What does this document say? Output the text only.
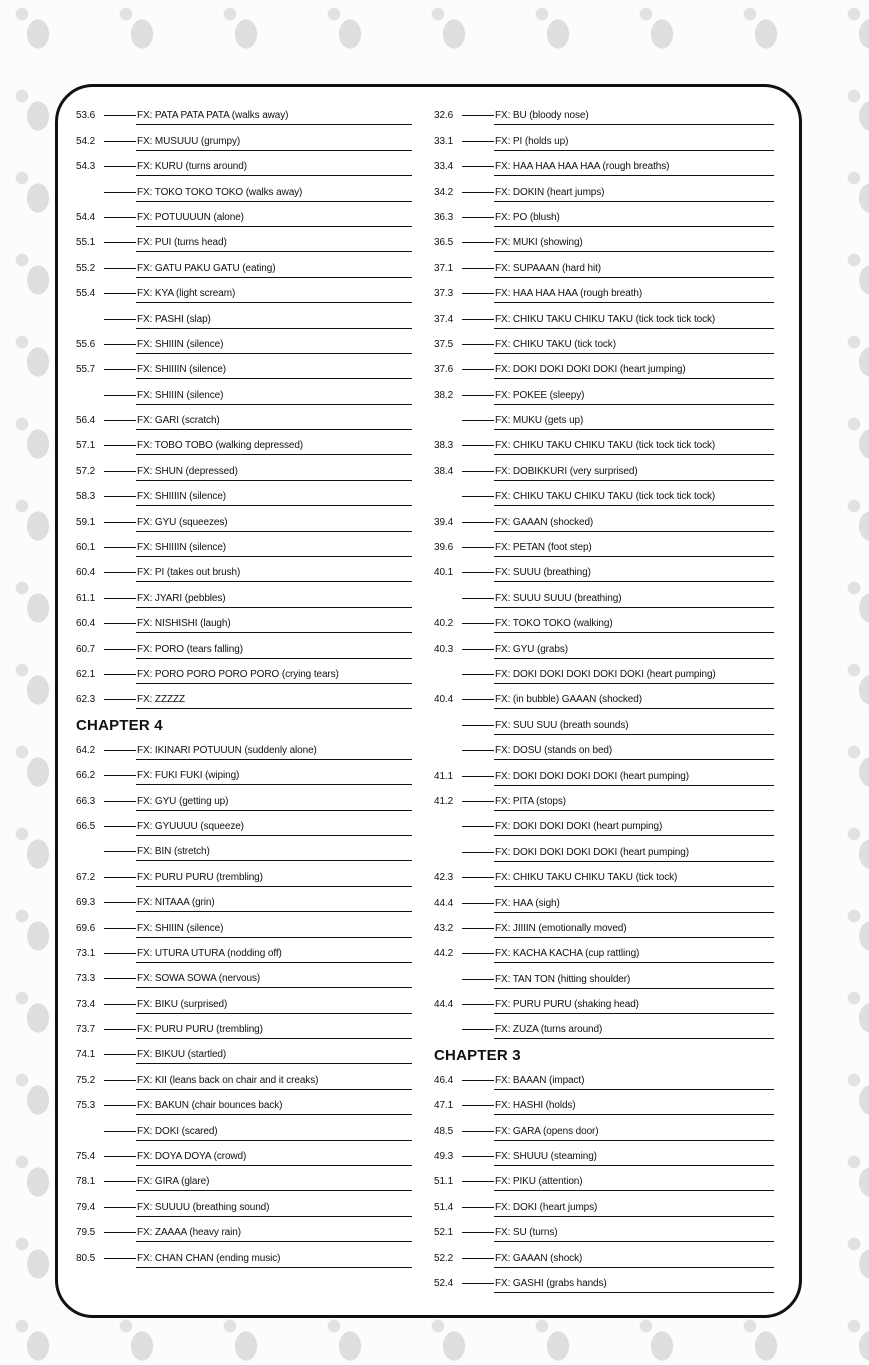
53.6	FX: PATA PATA PATA (walks away)
54.2	FX: MUSUUU (grumpy)
54.3	FX: KURU (turns around)
FX: TOKO TOKO TOKO (walks away)
54.4	FX: POTUUUUN (alone)
55.1	FX: PUI (turns head)
55.2	FX: GATU PAKU GATU (eating)
55.4	FX: KYA (light scream)
FX: PASHI (slap)
55.6	FX: SHIIIN (silence)
55.7	FX: SHIIIIN (silence)
FX: SHIIIN (silence)
56.4	FX: GARI (scratch)
57.1	FX: TOBO TOBO (walking depressed)
57.2	FX: SHUN (depressed)
58.3	FX: SHIIIIN (silence)
59.1	FX: GYU (squeezes)
60.1	FX: SHIIIIN (silence)
60.4	FX: PI (takes out brush)
61.1	FX: JYARI (pebbles)
60.4	FX: NISHISHI (laugh)
60.7	FX: PORO (tears falling)
62.1	FX: PORO PORO PORO PORO (crying tears)
62.3	FX: ZZZZZ
CHAPTER 4
64.2	FX: IKINARI POTUUUN (suddenly alone)
66.2	FX: FUKI FUKI (wiping)
66.3	FX: GYU (getting up)
66.5	FX: GYUUUU (squeeze)
FX: BIN (stretch)
67.2	FX: PURU PURU (trembling)
69.3	FX: NITAAA (grin)
69.6	FX: SHIIIN (silence)
73.1	FX: UTURA UTURA (nodding off)
73.3	FX: SOWA SOWA (nervous)
73.4	FX: BIKU (surprised)
73.7	FX: PURU PURU (trembling)
74.1	FX: BIKUU (startled)
75.2	FX: KII (leans back on chair and it creaks)
75.3	FX: BAKUN (chair bounces back)
FX: DOKI (scared)
75.4	FX: DOYA DOYA (crowd)
78.1	FX: GIRA (glare)
79.4	FX: SUUUU (breathing sound)
79.5	FX: ZAAAA (heavy rain)
80.5	FX: CHAN CHAN (ending music)
32.6	FX: BU (bloody nose)
33.1	FX: PI (holds up)
33.4	FX: HAA HAA HAA HAA (rough breaths)
34.2	FX: DOKIN (heart jumps)
36.3	FX: PO (blush)
36.5	FX: MUKI (showing)
37.1	FX: SUPAAAN (hard hit)
37.3	FX: HAA HAA HAA (rough breath)
37.4	FX: CHIKU TAKU CHIKU TAKU (tick tock tick tock)
37.5	FX: CHIKU TAKU (tick tock)
37.6	FX: DOKI DOKI DOKI DOKI (heart jumping)
38.2	FX: POKEE (sleepy)
FX: MUKU (gets up)
38.3	FX: CHIKU TAKU CHIKU TAKU (tick tock tick tock)
38.4	FX: DOBIKKURI (very surprised)
FX: CHIKU TAKU CHIKU TAKU (tick tock tick tock)
39.4	FX: GAAAN (shocked)
39.6	FX: PETAN (foot step)
40.1	FX: SUUU (breathing)
FX: SUUU SUUU (breathing)
40.2	FX: TOKO TOKO (walking)
40.3	FX: GYU (grabs)
FX: DOKI DOKI DOKI DOKI DOKI (heart pumping)
40.4	FX: (in bubble) GAAAN (shocked)
FX: SUU SUU (breath sounds)
FX: DOSU (stands on bed)
41.1	FX: DOKI DOKI DOKI DOKI (heart pumping)
41.2	FX: PITA (stops)
FX: DOKI DOKI DOKI (heart pumping)
FX: DOKI DOKI DOKI DOKI (heart pumping)
42.3	FX: CHIKU TAKU CHIKU TAKU (tick tock)
44.4	FX: HAA (sigh)
43.2	FX: JIIIIN (emotionally moved)
44.2	FX: KACHA KACHA (cup rattling)
FX: TAN TON (hitting shoulder)
44.4	FX: PURU PURU (shaking head)
FX: ZUZA (turns around)
CHAPTER 3
46.4	FX: BAAAN (impact)
47.1	FX: HASHI (holds)
48.5	FX: GARA (opens door)
49.3	FX: SHUUU (steaming)
51.1	FX: PIKU (attention)
51.4	FX: DOKI (heart jumps)
52.1	FX: SU (turns)
52.2	FX: GAAAN (shock)
52.4	FX: GASHI (grabs hands)
